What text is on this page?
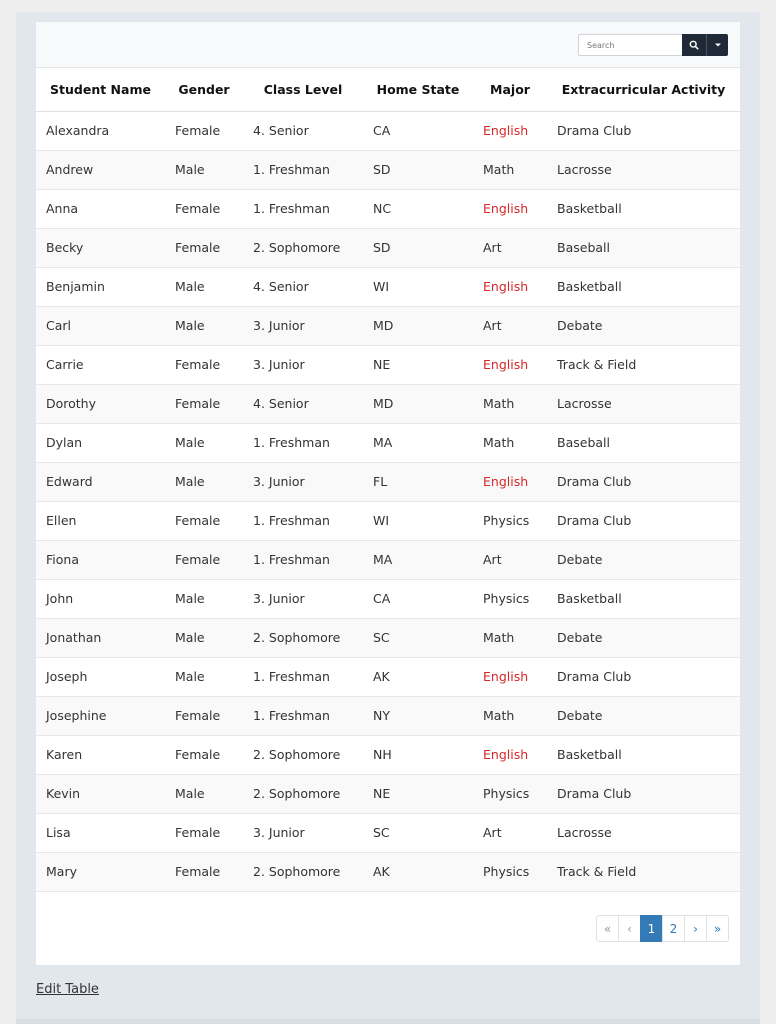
Search
Student Name	Gender	Class Level	Home State	Major	Extracurricular Activity
Alexandra	Female	4. Senior	CA	English	Drama Club
Andrew	Male	1. Freshman	SD	Math	Lacrosse
Anna	Female	1. Freshman	NC	English	Basketball
Becky	Female	2. Sophomore	SD	Art	Baseball
Benjamin	Male	4. Senior	WI	English	Basketball
Carl	Male	3. Junior	MD	Art	Debate
Carrie	Female	3. Junior	NE	English	Track & Field
Dorothy	Female	4. Senior	MD	Math	Lacrosse
Dylan	Male	1. Freshman	MA	Math	Baseball
Edward	Male	3. Junior	FL	English	Drama Club
Ellen	Female	1. Freshman	WI	Physics	Drama Club
Fiona	Female	1. Freshman	MA	Art	Debate
John	Male	3. Junior	CA	Physics	Basketball
Jonathan	Male	2. Sophomore	SC	Math	Debate
Joseph	Male	1. Freshman	AK	English	Drama Club
Josephine	Female	1. Freshman	NY	Math	Debate
Karen	Female	2. Sophomore	NH	English	Basketball
Kevin	Male	2. Sophomore	NE	Physics	Drama Club
Lisa	Female	3. Junior	SC	Art	Lacrosse
Mary	Female	2. Sophomore	AK	Physics	Track & Field
«	‹	1	2	›	»
Edit Table
